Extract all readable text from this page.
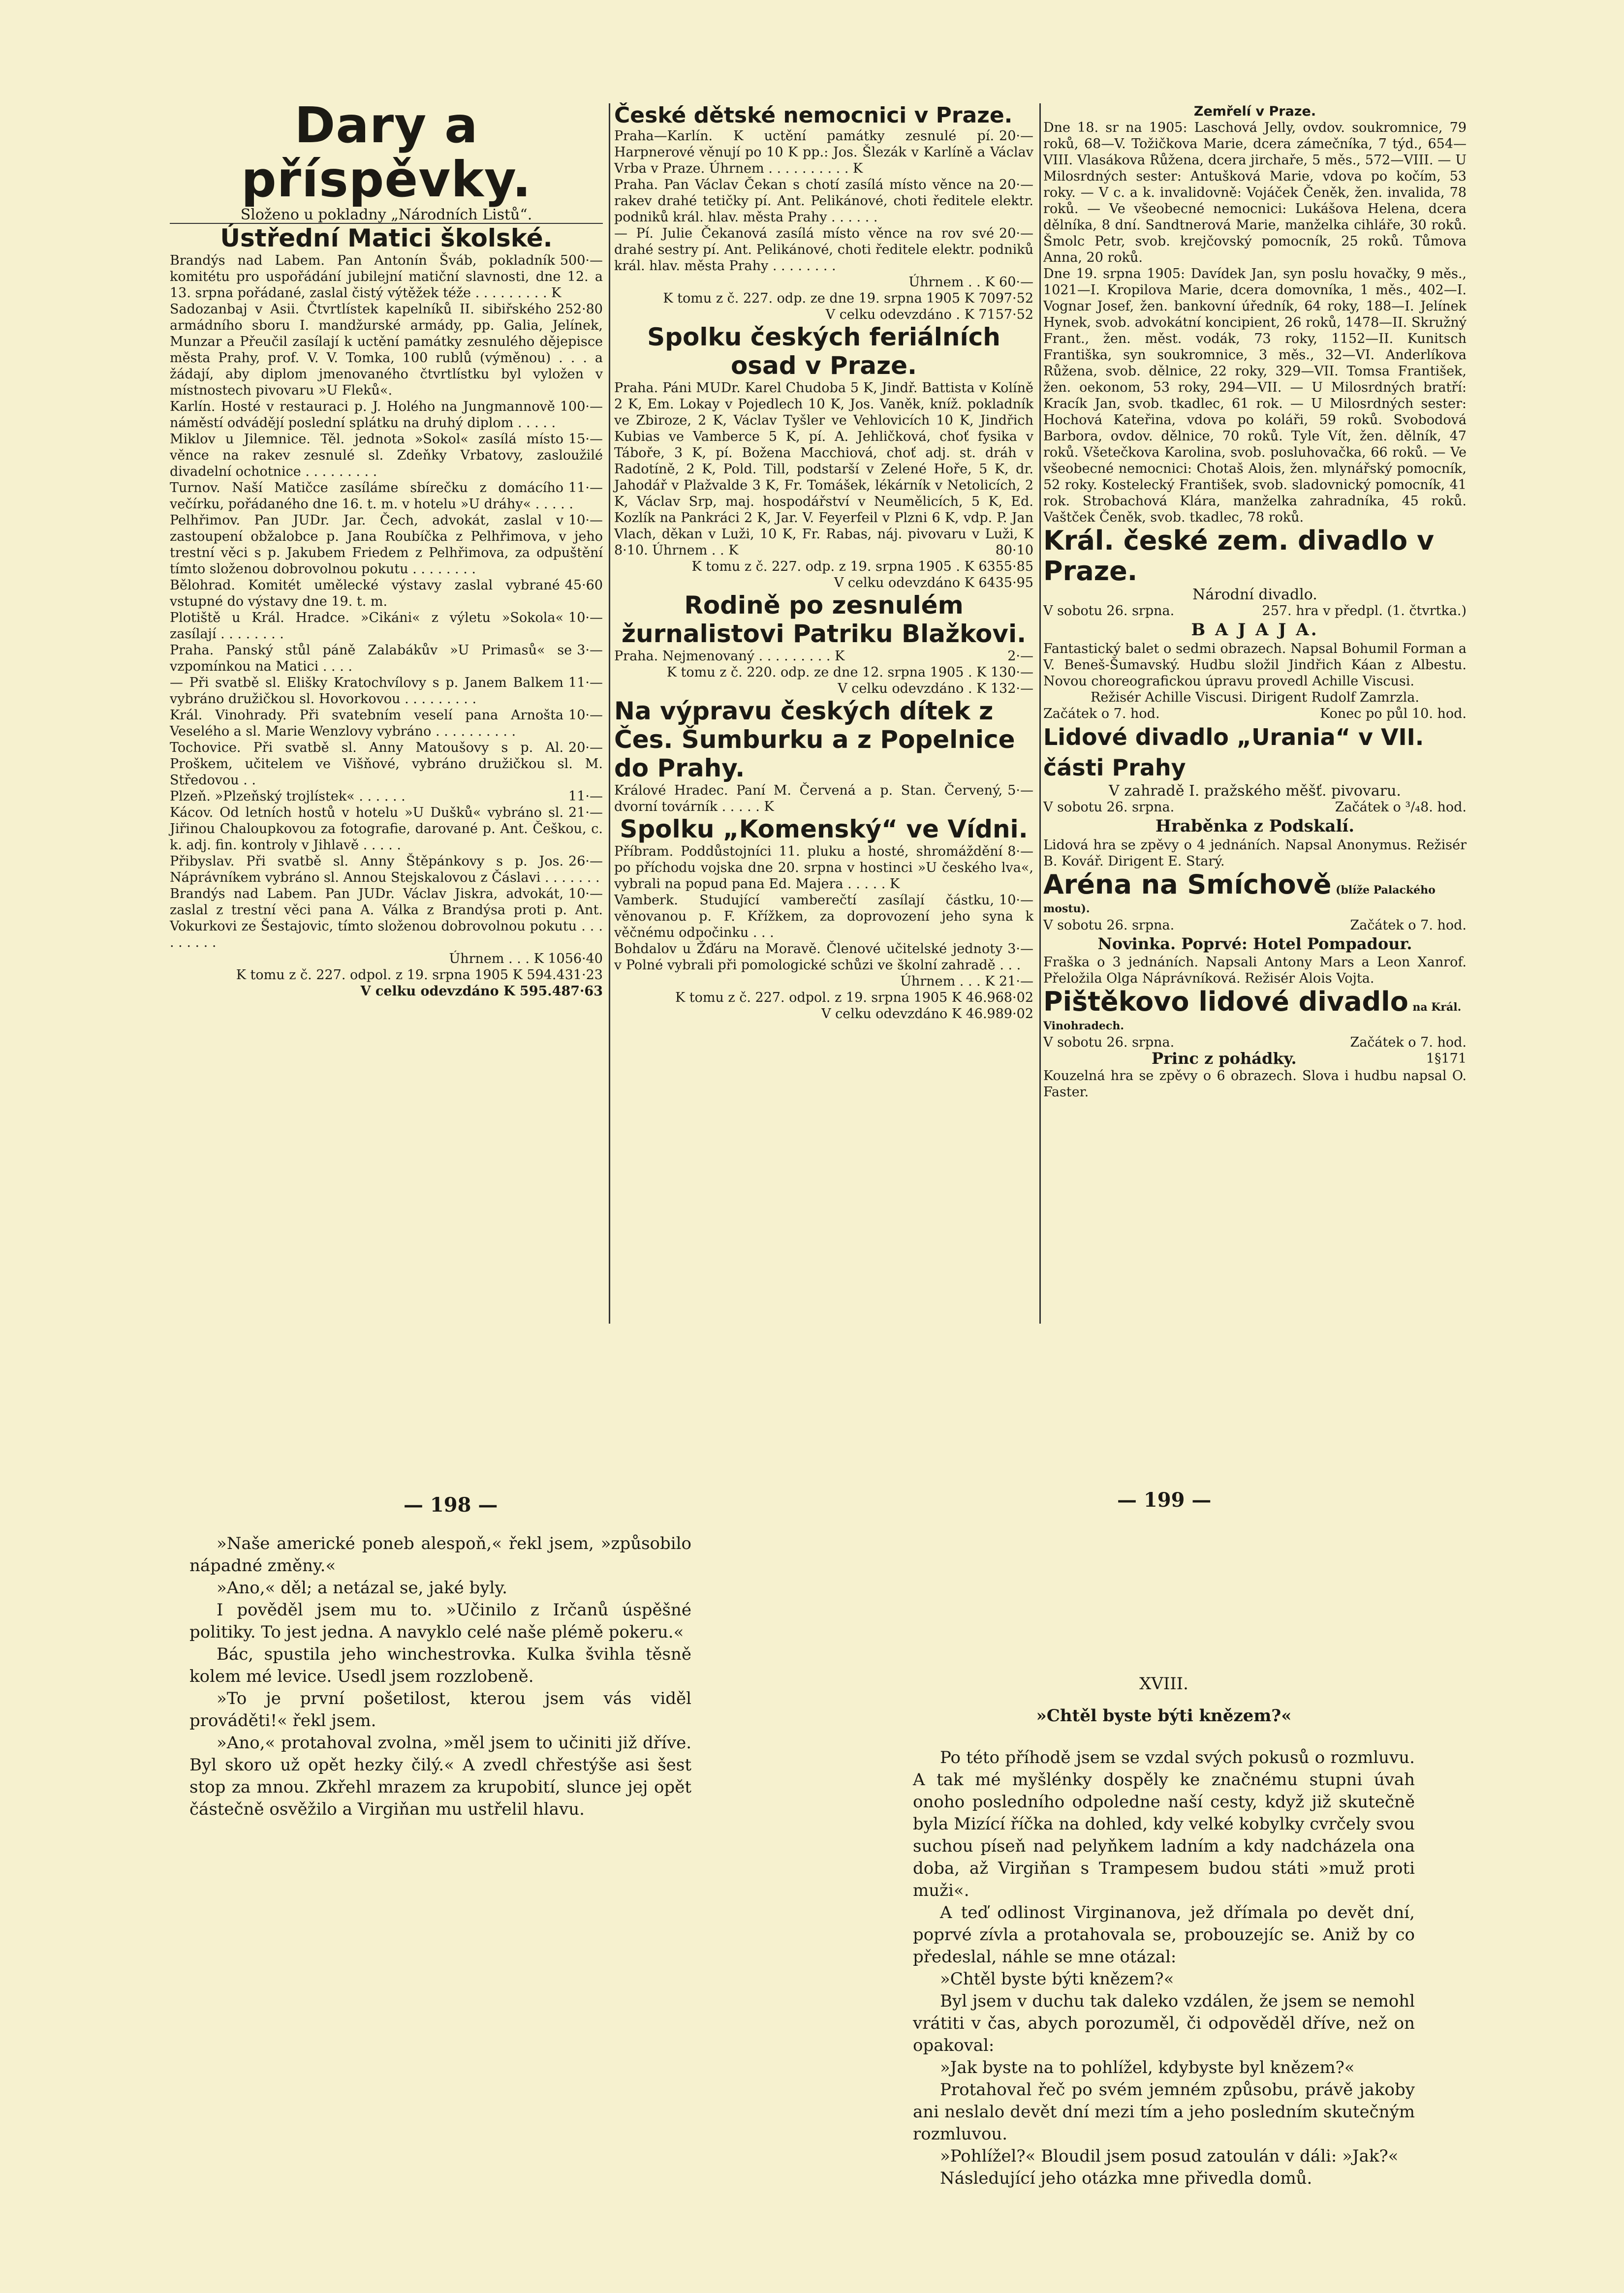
Dary a příspěvky.
Složeno u pokladny „Národních Listů“.
Ústřední Matici školské.
500·—
Brandýs nad Labem. Pan Antonín Šváb, pokladník komitétu pro uspořádání jubilejní matiční slavnosti, dne 12. a 13. srpna pořádané, zaslal čistý výtěžek téže . . . . . . . . . K
252·80
Sadozanbaj v Asii. Čtvrtlístek kapelníků II. sibiřského armádního sboru I. mandžurské armády, pp. Galia, Jelínek, Munzar a Přeučil zasílají k uctění památky zesnulého dějepisce města Prahy, prof. V. V. Tomka, 100 rublů (výměnou) . . . a žádají, aby diplom jmenovaného čtvrtlístku byl vyložen v místnostech pivovaru »U Fleků«.
100·—
Karlín. Hosté v restauraci p. J. Holého na Jungmannově náměstí odvádějí poslední splátku na druhý diplom . . . . .
15·—
Miklov u Jilemnice. Těl. jednota »Sokol« zasílá místo věnce na rakev zesnulé sl. Zdeňky Vrbatovy, zasloužilé divadelní ochotnice . . . . . . . . .
11·—
Turnov. Naší Matičce zasíláme sbírečku z domácího večírku, pořádaného dne 16. t. m. v hotelu »U dráhy« . . . . .
10·—
Pelhřimov. Pan JUDr. Jar. Čech, advokát, zaslal v zastoupení obžalobce p. Jana Roubíčka z Pelhřimova, v jeho trestní věci s p. Jakubem Friedem z Pelhřimova, za odpuštění tímto složenou dobrovolnou pokutu . . . . . . . .
45·60
Bělohrad. Komitét umělecké výstavy zaslal vybrané vstupné do výstavy dne 19. t. m.
10·—
Plotiště u Král. Hradce. »Cikáni« z výletu »Sokola« zasílají . . . . . . . .
3·—
Praha. Panský stůl páně Zalabákův »U Primasů« se vzpomínkou na Matici . . . .
11·—
— Při svatbě sl. Elišky Kratochvílovy s p. Janem Balkem vybráno družičkou sl. Hovorkovou . . . . . . . . .
10·—
Král. Vinohrady. Při svatebním veselí pana Arnošta Veselého a sl. Marie Wenzlovy vybráno . . . . . . . . . .
20·—
Tochovice. Při svatbě sl. Anny Matoušovy s p. Al. Proškem, učitelem ve Višňové, vybráno družičkou sl. M. Středovou . .
11·—
Plzeň. »Plzeňský trojlístek« . . . . . .
21·—
Kácov. Od letních hostů v hotelu »U Dušků« vybráno sl. Jiřinou Chaloupkovou za fotografie, darované p. Ant. Češkou, c. k. adj. fin. kontroly v Jihlavě . . . . .
26·—
Přibyslav. Při svatbě sl. Anny Štěpánkovy s p. Jos. Náprávníkem vybráno sl. Annou Stejskalovou z Čáslavi . . . . . . .
10·—
Brandýs nad Labem. Pan JUDr. Václav Jiskra, advokát, zaslal z trestní věci pana A. Válka z Brandýsa proti p. Ant. Vokurkovi ze Šestajovic, tímto složenou dobrovolnou pokutu . . . . . . . . .
Úhrnem . . . K 1056·40
K tomu z č. 227. odpol. z 19. srpna 1905 K 594.431·23
V celku odevzdáno K 595.487·63
České dětské nemocnici v Praze.
20·—
Praha—Karlín. K uctění památky zesnulé pí. Harpnerové věnují po 10 K pp.: Jos. Šlezák v Karlíně a Václav Vrba v Praze. Úhrnem . . . . . . . . . . K
20·—
Praha. Pan Václav Čekan s chotí zasílá místo věnce na rakev drahé tetičky pí. Ant. Pelikánové, choti ředitele elektr. podniků král. hlav. města Prahy . . . . . .
20·—
— Pí. Julie Čekanová zasílá místo věnce na rov své drahé sestry pí. Ant. Pelikánové, choti ředitele elektr. podniků král. hlav. města Prahy . . . . . . . .
Úhrnem . . K 60·—
K tomu z č. 227. odp. ze dne 19. srpna 1905 K 7097·52
V celku odevzdáno . K 7157·52
Spolku českých feriálních osad v Praze.
Praha. Páni MUDr. Karel Chudoba 5 K, Jindř. Battista v Kolíně 2 K, Em. Lokay v Pojedlech 10 K, Jos. Vaněk, kníž. pokladník ve Zbiroze, 2 K, Václav Tyšler ve Vehlovicích 10 K, Jindřich Kubias ve Vamberce 5 K, pí. A. Jehličková, choť fysika v Táboře, 3 K, pí. Božena Macchiová, choť adj. st. dráh v Radotíně, 2 K, Pold. Till, podstarší v Zelené Hoře, 5 K, dr. Jahodář v Plažvalde 3 K, Fr. Tomášek, lékárník v Netolicích, 2 K, Václav Srp, maj. hospodářství v Neumělicích, 5 K, Ed. Kozlík na Pankráci 2 K, Jar. V. Feyerfeil v Plzni 6 K, vdp. P. Jan Vlach, děkan v Luži, 10 K, Fr. Rabas, náj. pivovaru v Luži, K 8·10. Úhrnem . . K	80·10
K tomu z č. 227. odp. z 19. srpna 1905 . K 6355·85
V celku odevzdáno K 6435·95
Rodině po zesnulém žurnalistovi Patriku Blažkovi.
2·—
Praha. Nejmenovaný . . . . . . . . . K
K tomu z č. 220. odp. ze dne 12. srpna 1905 . K 130·—
V celku odevzdáno . K 132·—
Na výpravu českých dítek z Čes. Šumburku a z Popelnice do Prahy.
5·—
Králové Hradec. Paní M. Červená a p. Stan. Červený, dvorní továrník . . . . . K
Spolku „Komenský“ ve Vídni.
8·—
Příbram. Poddůstojníci 11. pluku a hosté, shromáždění po příchodu vojska dne 20. srpna v hostinci »U českého lva«, vybrali na popud pana Ed. Majera . . . . . K
10·—
Vamberk. Studující vamberečtí zasílají částku, věnovanou p. F. Křížkem, za doprovození jeho syna k věčnému odpočinku . . .
3·—
Bohdalov u Žďáru na Moravě. Členové učitelské jednoty v Polné vybrali při pomologické schůzi ve školní zahradě . . .
Úhrnem . . . K 21·—
K tomu z č. 227. odpol. z 19. srpna 1905 K 46.968·02
V celku odevzdáno K 46.989·02
Zemřelí v Praze.

Dne 18. sr na 1905: Laschová Jelly, ovdov. soukromnice, 79 roků, 68—V. Tožičkova Marie, dcera zámečníka, 7 týd., 654—VIII. Vlasákova Růžena, dcera jirchaře, 5 měs., 572—VIII. — U Milosrdných sester: Antušková Marie, vdova po kočím, 53 roky. — V c. a k. invalidovně: Vojáček Čeněk, žen. invalida, 78 roků. — Ve všeobecné nemocnici: Lukášova Helena, dcera dělníka, 8 dní. Sandtnerová Marie, manželka cihláře, 30 roků. Šmolc Petr, svob. krejčovský pomocník, 25 roků. Tůmova Anna, 20 roků.

Dne 19. srpna 1905: Davídek Jan, syn poslu hovačky, 9 měs., 1021—I. Kropilova Marie, dcera domovníka, 1 měs., 402—I. Vognar Josef, žen. bankovní úředník, 64 roky, 188—I. Jelínek Hynek, svob. advokátní koncipient, 26 roků, 1478—II. Skružný Frant., žen. měst. vodák, 73 roky, 1152—II. Kunitsch Františka, syn soukromnice, 3 měs., 32—VI. Anderlíkova Růžena, svob. dělnice, 22 roky, 329—VII. Tomsa František, žen. oekonom, 53 roky, 294—VII. — U Milosrdných bratří: Kracík Jan, svob. tkadlec, 61 rok. — U Milosrdných sester: Hochová Kateřina, vdova po koláři, 59 roků. Svobodová Barbora, ovdov. dělnice, 70 roků. Tyle Vít, žen. dělník, 47 roků. Všetečkova Karolina, svob. posluhovačka, 66 roků. — Ve všeobecné nemocnici: Chotaš Alois, žen. mlynářský pomocník, 52 roky. Kostelecký František, svob. sladovnický pomocník, 41 rok. Strobachová Klára, manželka zahradníka, 45 roků. Vaštček Čeněk, svob. tkadlec, 78 roků.

Král. české zem. divadlo v Praze.
Národní divadlo.
257. hra v předpl. (1. čtvrtka.)
V sobotu 26. srpna.
B A J A J A.

Fantastický balet o sedmi obrazech. Napsal Bohumil Forman a V. Beneš-Šumavský. Hudbu složil Jindřich Káan z Albestu. Novou choreografickou úpravu provedl Achille Viscusi.

Režisér Achille Viscusi. Dirigent Rudolf Zamrzla.
Konec po půl 10. hod.
Začátek o 7. hod.
Lidové divadlo „Urania“ v VII. části Prahy
V zahradě I. pražského měšť. pivovaru.
Začátek o ³/₄8. hod.
V sobotu 26. srpna.
Hraběnka z Podskalí.

Lidová hra se zpěvy o 4 jednáních. Napsal Anonymus. Režisér B. Kovář. Dirigent E. Starý.

Aréna na Smíchově (blíže Palackého mostu).
Začátek o 7. hod.
V sobotu 26. srpna.
Novinka. Poprvé: Hotel Pompadour.

Fraška o 3 jednáních. Napsali Antony Mars a Leon Xanrof. Přeložila Olga Náprávníková. Režisér Alois Vojta.

Pištěkovo lidové divadlo na Král. Vinohradech.
Začátek o 7. hod.
V sobotu 26. srpna.
1§171
Princ z pohádky.

Kouzelná hra se zpěvy o 6 obrazech. Slova i hudbu napsal O. Faster.

— 198 —

»Naše americké poneb alespoň,« řekl jsem, »způsobilo nápadné změny.«

»Ano,« děl; a netázal se, jaké byly.

I pověděl jsem mu to. »Učinilo z Irčanů úspěšné politiky. To jest jedna. A navyklo celé naše plémě pokeru.«

Bác, spustila jeho winchestrovka. Kulka švihla těsně kolem mé levice. Usedl jsem rozzlobeně.

»To je první pošetilost, kterou jsem vás viděl prováděti!« řekl jsem.

»Ano,« protahoval zvolna, »měl jsem to učiniti již dříve. Byl skoro už opět hezky čilý.« A zvedl chřestýše asi šest stop za mnou. Zkřehl mrazem za krupobití, slunce jej opět částečně osvěžilo a Virgiňan mu ustřelil hlavu.

— 199 —
XVIII.
»Chtěl byste býti knězem?«

Po této příhodě jsem se vzdal svých pokusů o rozmluvu. A tak mé myšlénky dospěly ke značnému stupni úvah onoho posledního odpoledne naší cesty, když již skutečně byla Mizící říčka na dohled, kdy velké kobylky cvrčely svou suchou píseň nad pelyňkem ladním a kdy nadcházela ona doba, až Virgiňan s Trampesem budou státi »muž proti muži«.

A teď odlinost Virginanova, jež dřímala po devět dní, poprvé zívla a protahovala se, probouzejíc se. Aniž by co předeslal, náhle se mne otázal:

»Chtěl byste býti knězem?«

Byl jsem v duchu tak daleko vzdálen, že jsem se nemohl vrátiti v čas, abych porozuměl, či odpověděl dříve, než on opakoval:

»Jak byste na to pohlížel, kdybyste byl knězem?«

Protahoval řeč po svém jemném způsobu, právě jakoby ani neslalo devět dní mezi tím a jeho posledním skutečným rozmluvou.

»Pohlížel?« Bloudil jsem posud zatoulán v dáli: »Jak?«

Následující jeho otázka mne přivedla domů.
